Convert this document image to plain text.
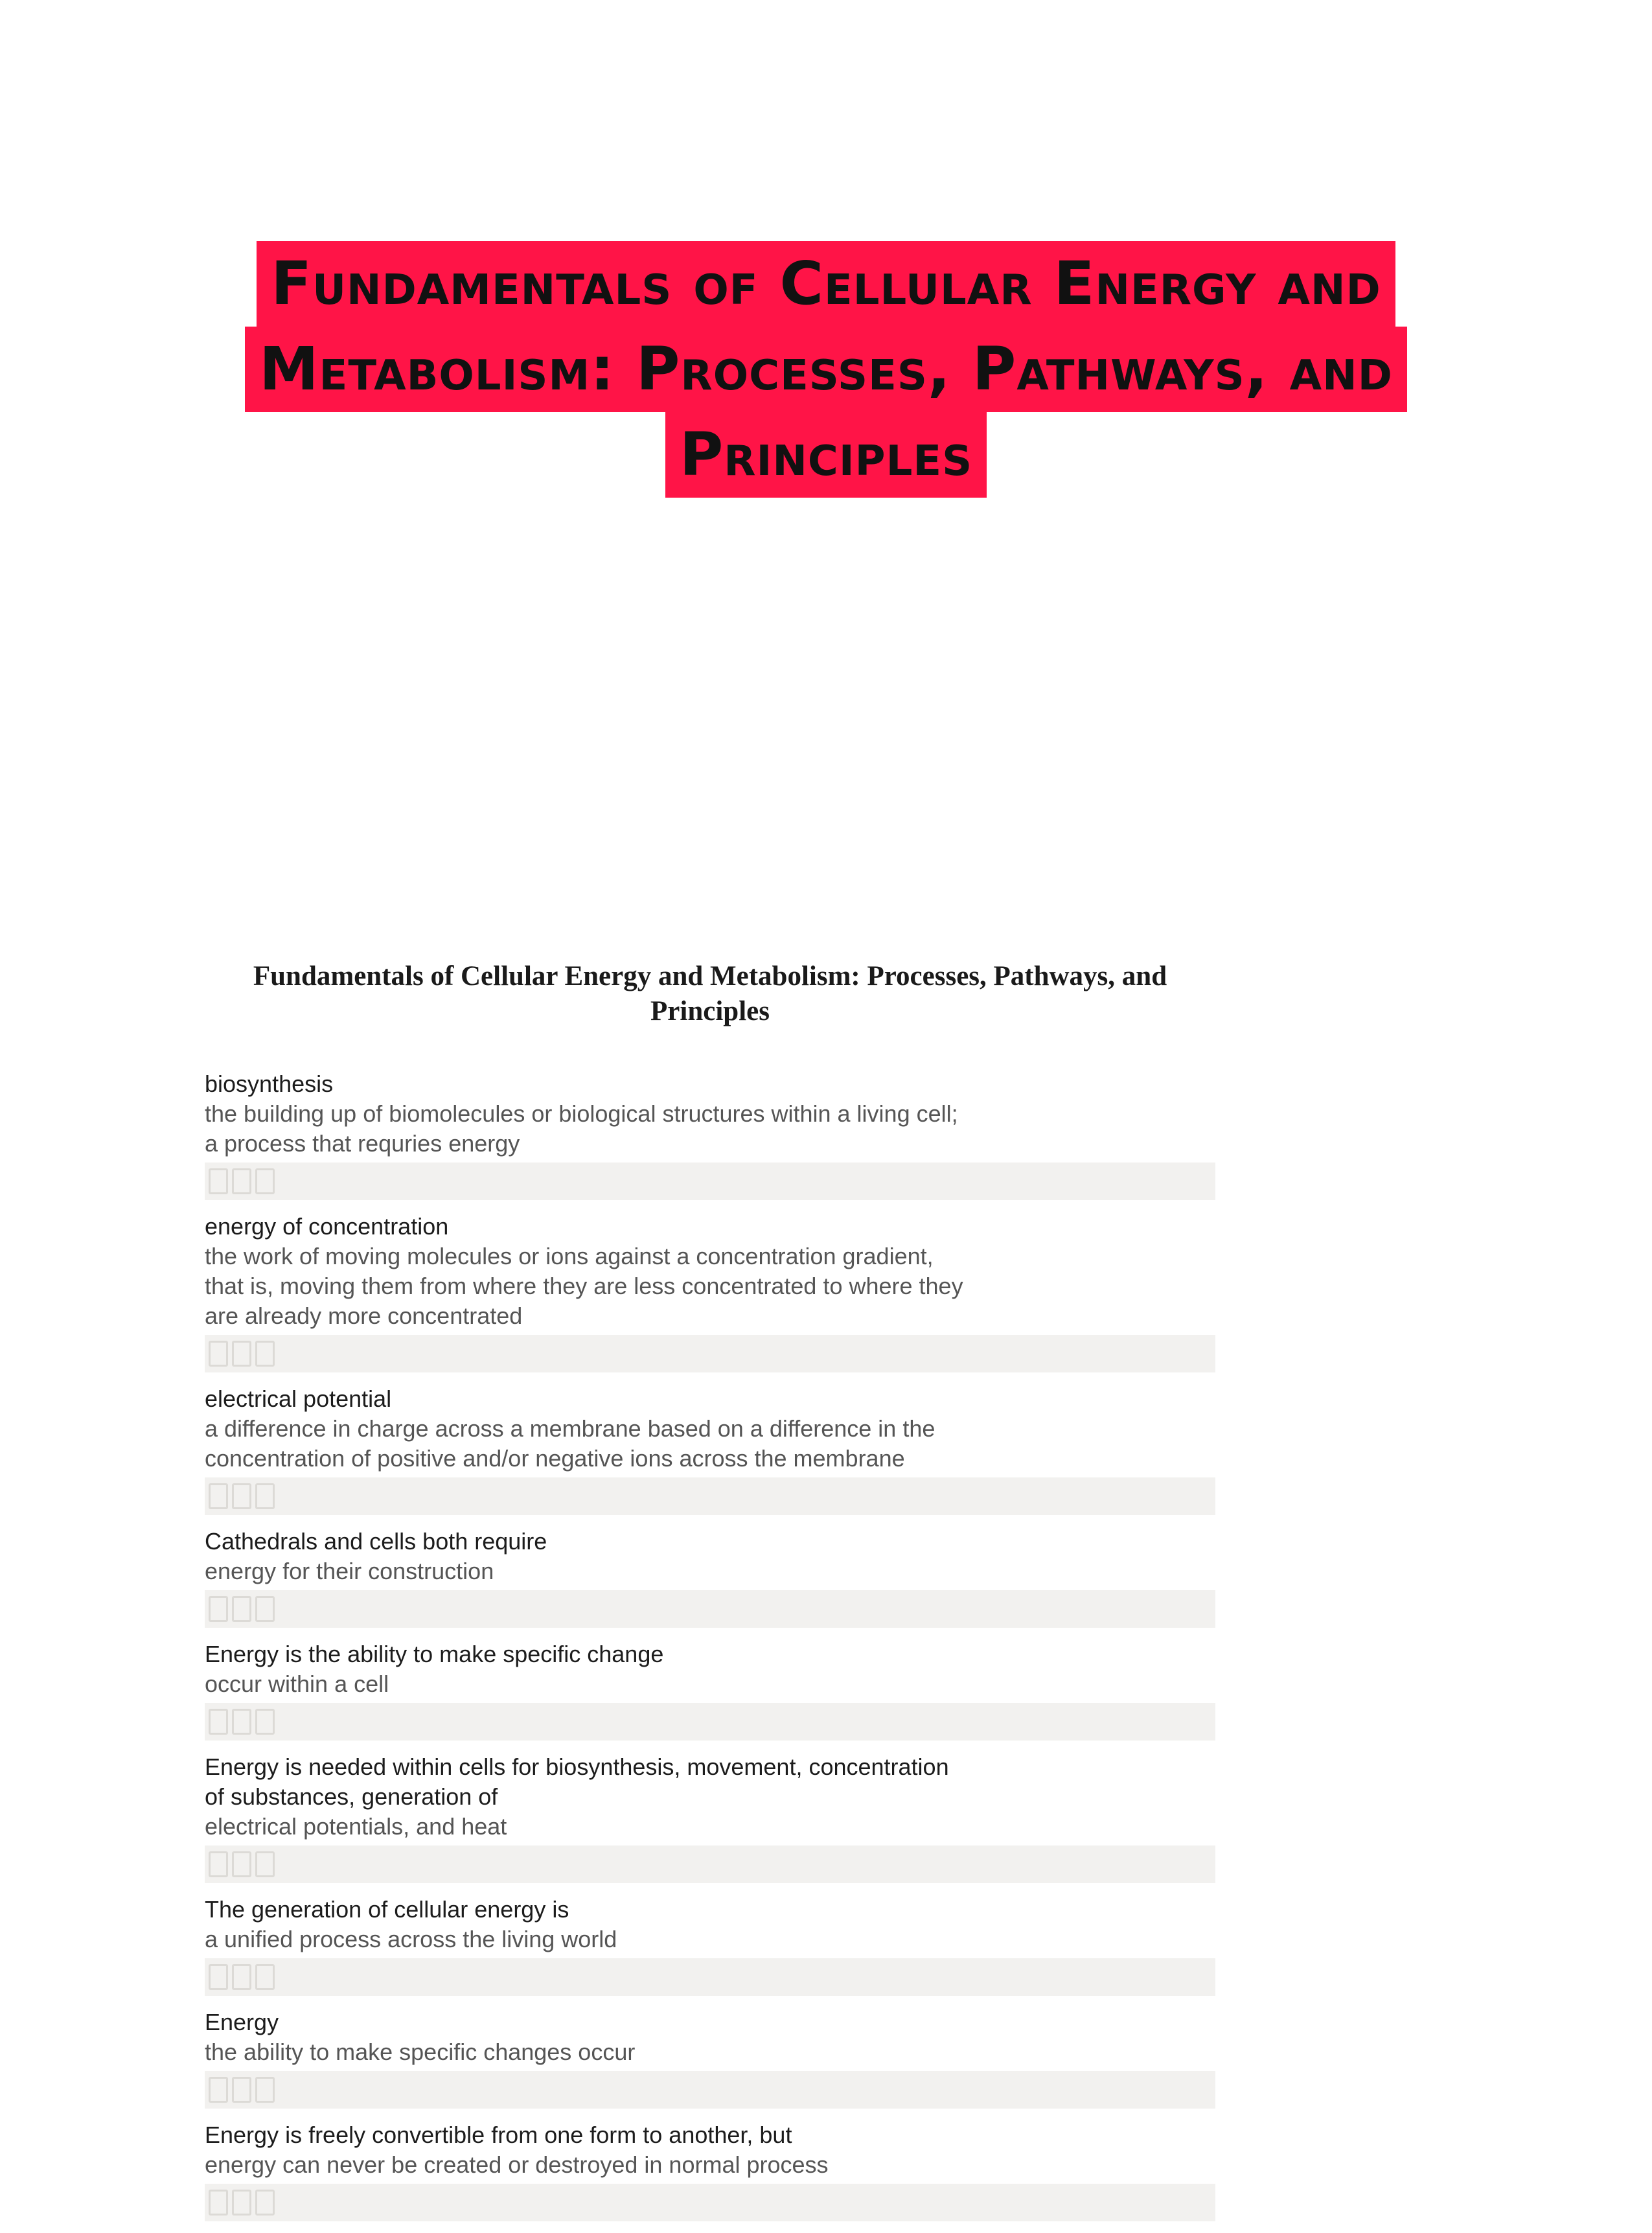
Fundamentals of Cellular Energy and
Metabolism: Processes, Pathways, and
Principles
Fundamentals of Cellular Energy and Metabolism: Processes, Pathways, and
Principles
biosynthesis
the building up of biomolecules or biological structures within a living cell; a process that requries energy
energy of concentration
the work of moving molecules or ions against a concentration gradient, that is, moving them from where they are less concentrated to where they are already more concentrated
electrical potential
a difference in charge across a membrane based on a difference in the concentration of positive and/or negative ions across the membrane
Cathedrals and cells both require
energy for their construction
Energy is the ability to make specific change
occur within a cell
Energy is needed within cells for biosynthesis, movement, concentration of substances, generation of
electrical potentials, and heat
The generation of cellular energy is
a unified process across the living world
Energy
the ability to make specific changes occur
Energy is freely convertible from one form to another, but
energy can never be created or destroyed in normal process
